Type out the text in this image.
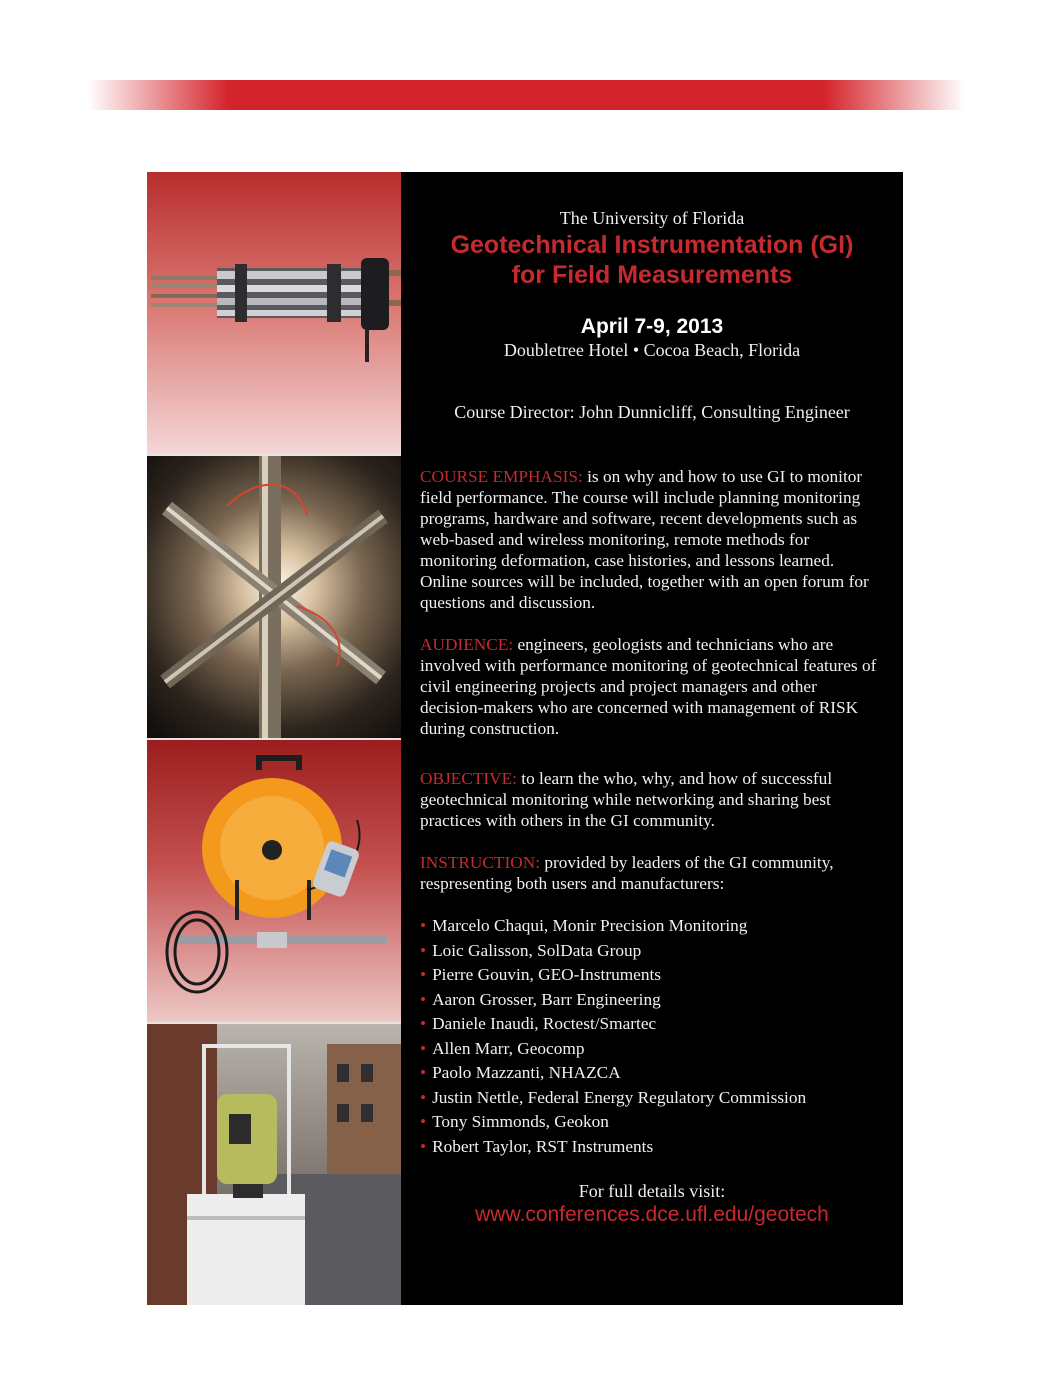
The University of Florida
Geotechnical Instrumentation (GI)
for Field Measurements
April 7-9, 2013
Doubletree Hotel • Cocoa Beach, Florida
Course Director: John Dunnicliff, Consulting Engineer
COURSE EMPHASIS: is on why and how to use GI to monitor field performance. The course will include planning monitoring programs, hardware and software, recent developments such as web-based and wireless monitoring, remote methods for monitoring deformation, case histories, and lessons learned. Online sources will be included, together with an open forum for questions and discussion.
AUDIENCE: engineers, geologists and technicians who are involved with performance monitoring of geotechnical features of civil engineering projects and project managers and other decision-makers who are concerned with management of RISK during construction.
OBJECTIVE: to learn the who, why, and how of successful geotechnical monitoring while networking and sharing best practices with others in the GI community.
INSTRUCTION: provided by leaders of the GI community, respresenting both users and manufacturers:
• Marcelo Chaqui, Monir Precision Monitoring
• Loic Galisson, SolData Group
• Pierre Gouvin, GEO-Instruments
• Aaron Grosser, Barr Engineering
• Daniele Inaudi, Roctest/Smartec
• Allen Marr, Geocomp
• Paolo Mazzanti, NHAZCA
• Justin Nettle, Federal Energy Regulatory Commission
• Tony Simmonds, Geokon
• Robert Taylor, RST Instruments
For full details visit:
www.conferences.dce.ufl.edu/geotech
